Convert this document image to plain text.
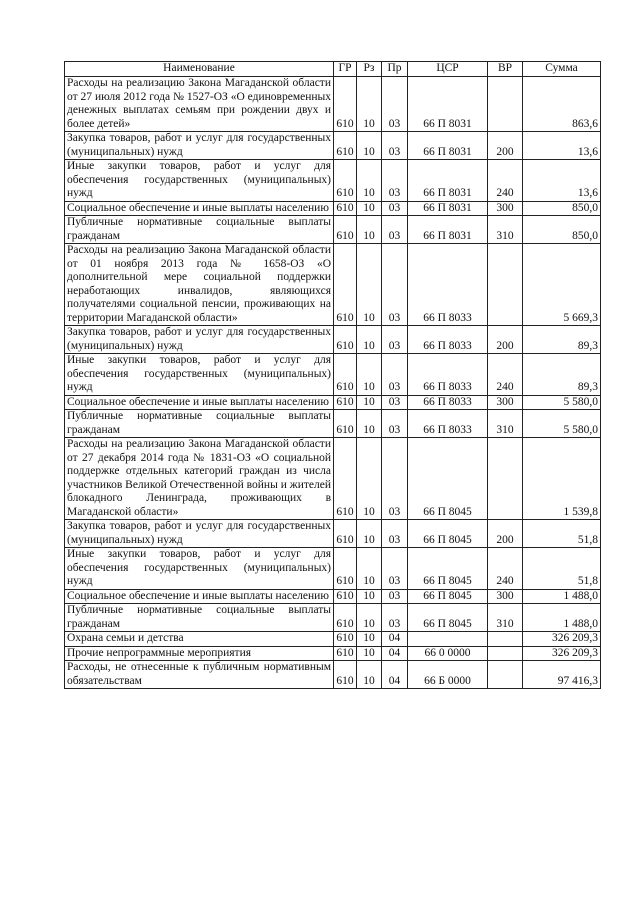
Наименование	ГР	Рз	Пр	ЦСР	ВР	Сумма
Расходы на реализацию Закона Магаданской области от 27 июля 2012 года № 1527-ОЗ «О единовременных денежных выплатах семьям при рождении двух и более детей»	610	10	03	66 П 8031		863,6
Закупка товаров, работ и услуг для государственных (муниципальных) нужд	610	10	03	66 П 8031	200	13,6
Иные закупки товаров, работ и услуг для обеспечения государственных (муниципальных) нужд	610	10	03	66 П 8031	240	13,6
Социальное обеспечение и иные выплаты населению	610	10	03	66 П 8031	300	850,0
Публичные нормативные социальные выплаты гражданам	610	10	03	66 П 8031	310	850,0
Расходы на реализацию Закона Магаданской области от 01 ноября 2013 года № 1658-ОЗ «О дополнительной мере социальной поддержки неработающих инвалидов, являющихся получателями социальной пенсии, проживающих на территории Магаданской области»	610	10	03	66 П 8033		5 669,3
Закупка товаров, работ и услуг для государственных (муниципальных) нужд	610	10	03	66 П 8033	200	89,3
Иные закупки товаров, работ и услуг для обеспечения государственных (муниципальных) нужд	610	10	03	66 П 8033	240	89,3
Социальное обеспечение и иные выплаты населению	610	10	03	66 П 8033	300	5 580,0
Публичные нормативные социальные выплаты гражданам	610	10	03	66 П 8033	310	5 580,0
Расходы на реализацию Закона Магаданской области от 27 декабря 2014 года № 1831-ОЗ «О социальной поддержке отдельных категорий граждан из числа участников Великой Отечественной войны и жителей блокадного Ленинграда, проживающих в Магаданской области»	610	10	03	66 П 8045		1 539,8
Закупка товаров, работ и услуг для государственных (муниципальных) нужд	610	10	03	66 П 8045	200	51,8
Иные закупки товаров, работ и услуг для обеспечения государственных (муниципальных) нужд	610	10	03	66 П 8045	240	51,8
Социальное обеспечение и иные выплаты населению	610	10	03	66 П 8045	300	1 488,0
Публичные нормативные социальные выплаты гражданам	610	10	03	66 П 8045	310	1 488,0
Охрана семьи и детства	610	10	04			326 209,3
Прочие непрограммные мероприятия	610	10	04	66 0 0000		326 209,3
Расходы, не отнесенные к публичным нормативным обязательствам	610	10	04	66 Б 0000		97 416,3
